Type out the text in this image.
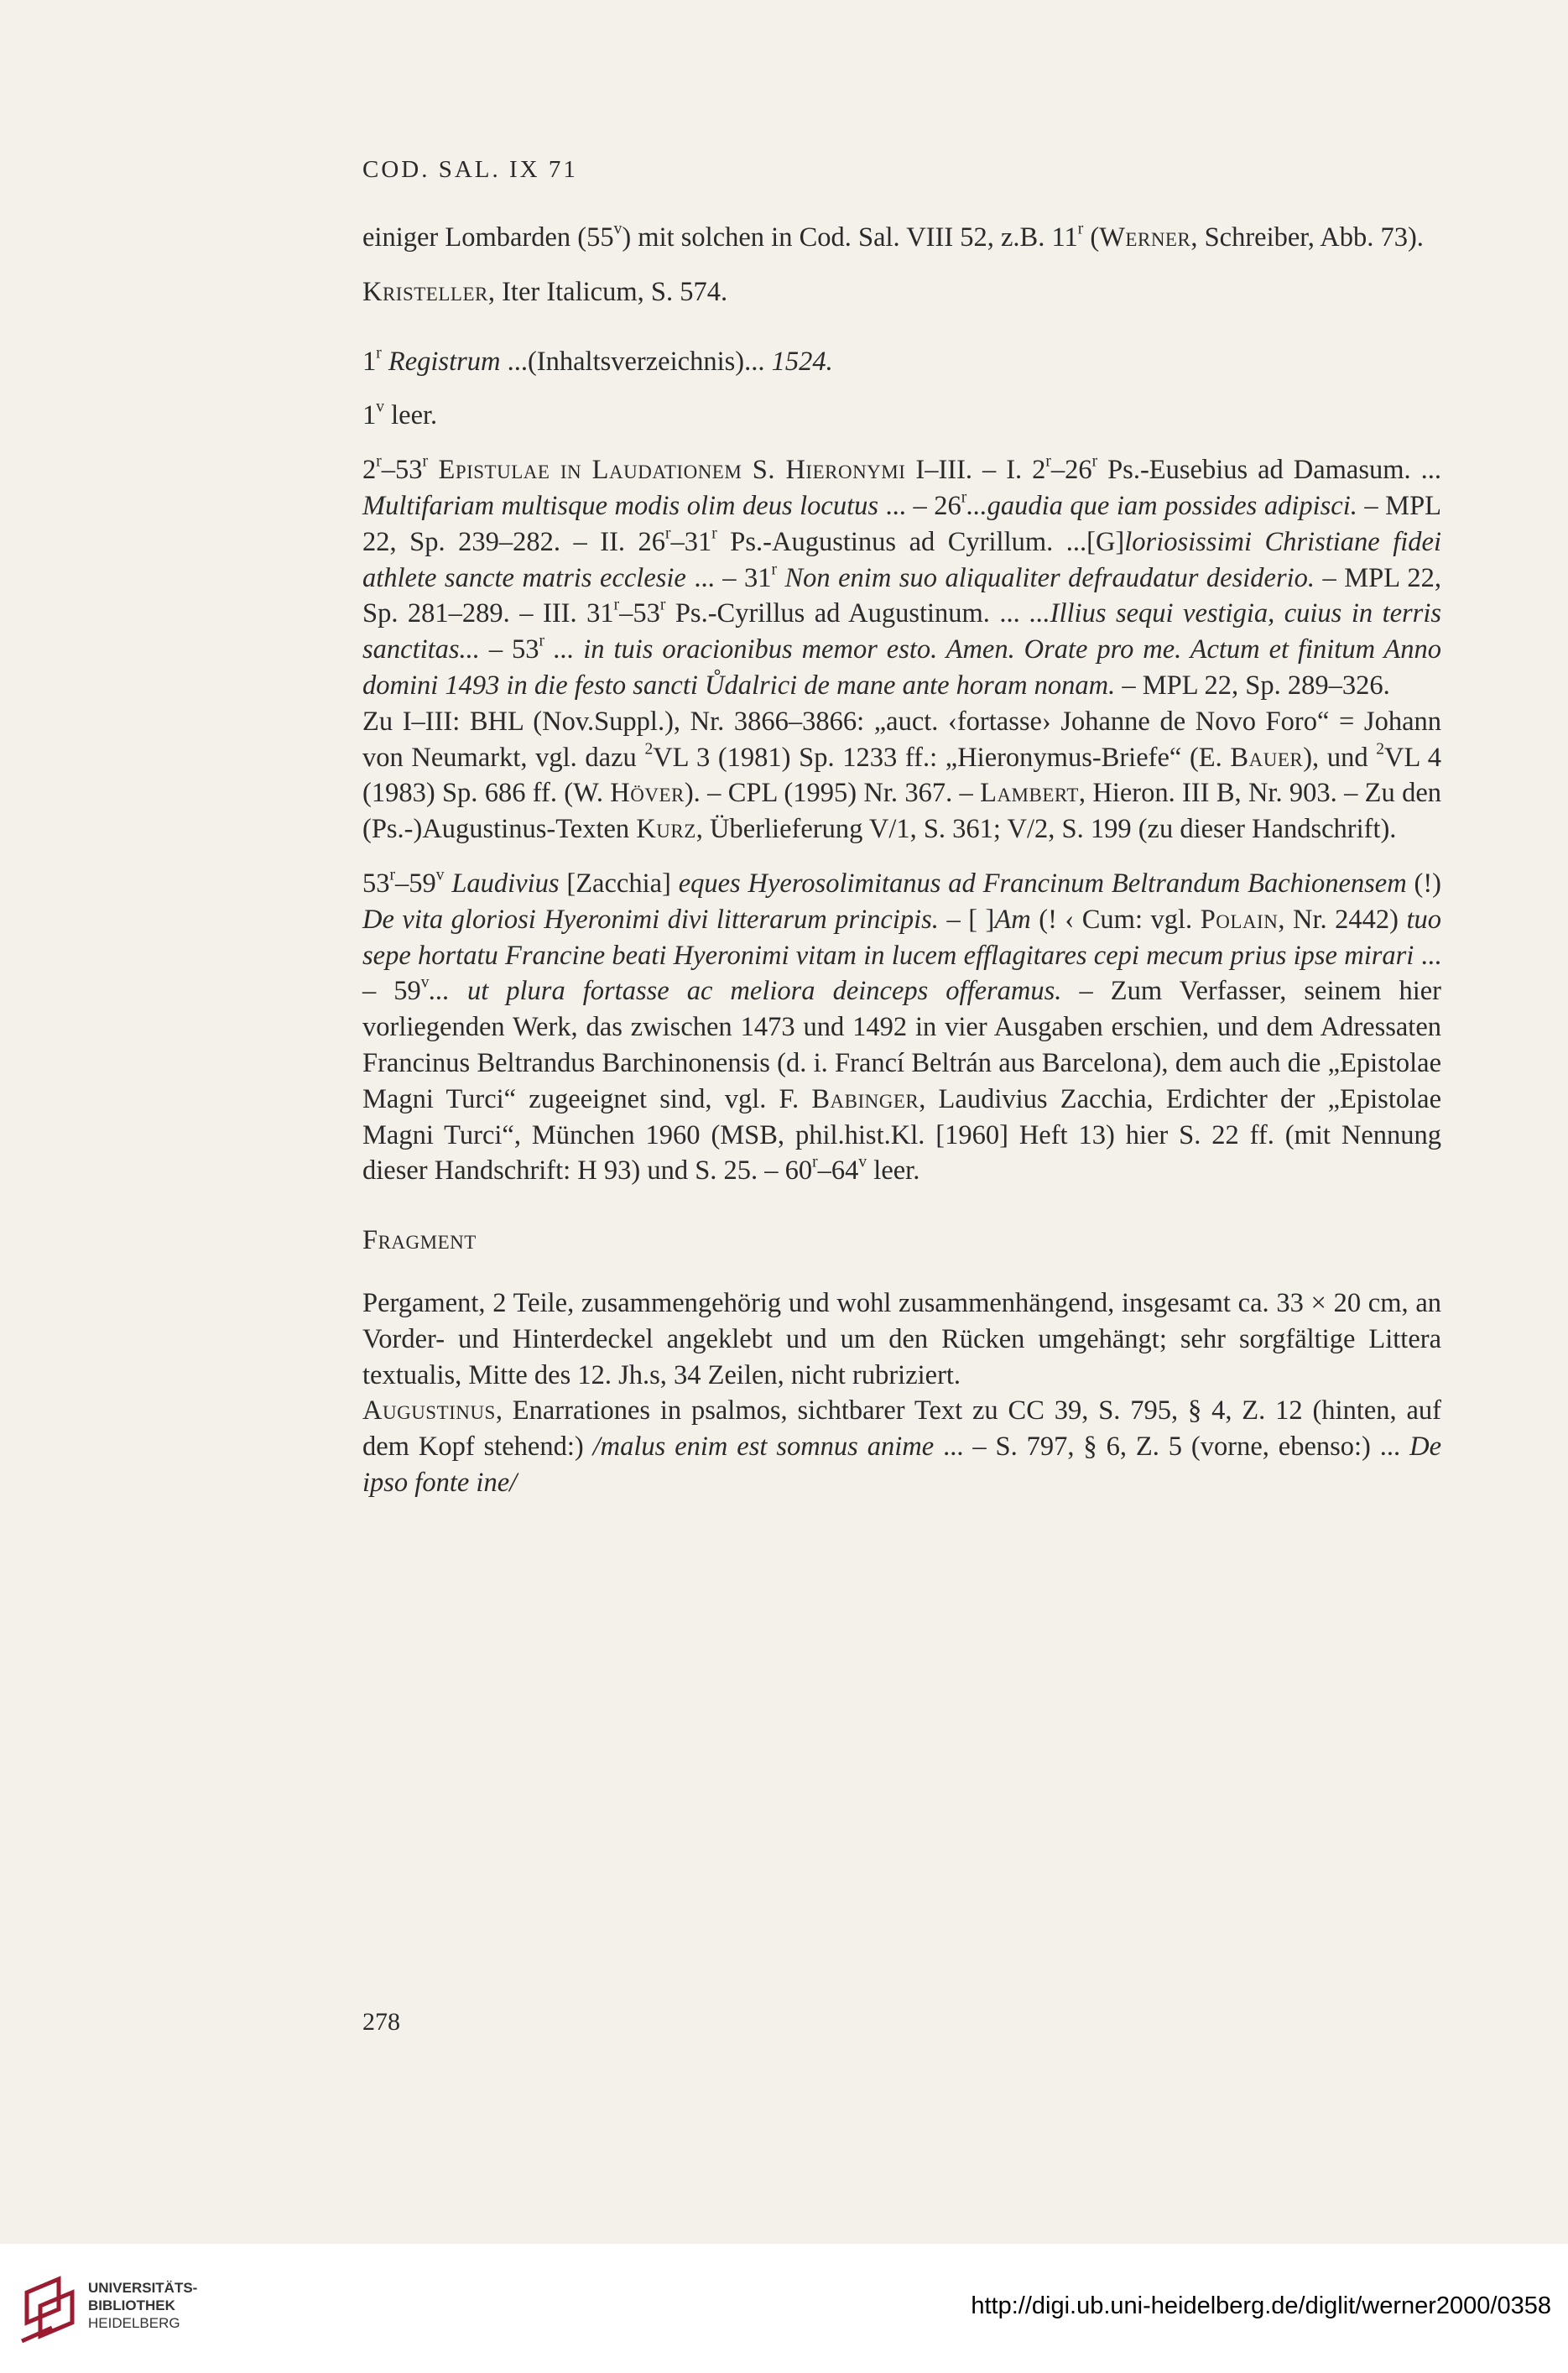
COD. SAL. IX 71

einiger Lombarden (55$^v$) mit solchen in Cod. Sal. VIII 52, z.B. 11$^r$ (Werner, Schreiber, Abb. 73).

Kristeller, Iter Italicum, S. 574.

1$^r$ Registrum ...(Inhaltsverzeichnis)... 1524.

1$^v$ leer.

2$^r$–53$^r$ Epistulae in Laudationem S. Hieronymi I–III. – I. 2$^r$–26$^r$ Ps.-Eusebius ad Damasum. ... Multifariam multisque modis olim deus locutus ... – 26$^r$...gaudia que iam possides adipisci. – MPL 22, Sp. 239–282. – II. 26$^r$–31$^r$ Ps.-Augustinus ad Cyrillum. ...[G]loriosissimi Christiane fidei athlete sancte matris ecclesie ... – 31$^r$ Non enim suo aliqualiter defraudatur desiderio. – MPL 22, Sp. 281–289. – III. 31$^r$–53$^r$ Ps.-Cyrillus ad Augustinum. ... ...Illius sequi vestigia, cuius in terris sanctitas... – 53$^r$ ... in tuis oracionibus memor esto. Amen. Orate pro me. Actum et finitum Anno domini 1493 in die festo sancti Ůdalrici de mane ante horam nonam. – MPL 22, Sp. 289–326.

Zu I–III: BHL (Nov.Suppl.), Nr. 3866–3866: „auct. ‹fortasse› Johanne de Novo Foro“ = Johann von Neumarkt, vgl. dazu $^2$VL 3 (1981) Sp. 1233 ff.: „Hieronymus-Briefe“ (E. Bauer), und $^2$VL 4 (1983) Sp. 686 ff. (W. Höver). – CPL (1995) Nr. 367. – Lambert, Hieron. III B, Nr. 903. – Zu den (Ps.-)Augustinus-Texten Kurz, Überlieferung V/1, S. 361; V/2, S. 199 (zu dieser Handschrift).

53$^r$–59$^v$ Laudivius [Zacchia] eques Hyerosolimitanus ad Francinum Beltrandum Bachionensem (!) De vita gloriosi Hyeronimi divi litterarum principis. – [ ]Am (! ‹ Cum: vgl. Polain, Nr. 2442) tuo sepe hortatu Francine beati Hyeronimi vitam in lucem efflagitares cepi mecum prius ipse mirari ... – 59$^v$... ut plura fortasse ac meliora deinceps offeramus. – Zum Verfasser, seinem hier vorliegenden Werk, das zwischen 1473 und 1492 in vier Ausgaben erschien, und dem Adressaten Francinus Beltrandus Barchinonensis (d. i. Francí Beltrán aus Barcelona), dem auch die „Epistolae Magni Turci“ zugeeignet sind, vgl. F. Babinger, Laudivius Zacchia, Erdichter der „Epistolae Magni Turci“, München 1960 (MSB, phil.hist.Kl. [1960] Heft 13) hier S. 22 ff. (mit Nennung dieser Handschrift: H 93) und S. 25. – 60$^r$–64$^v$ leer.

Fragment

Pergament, 2 Teile, zusammengehörig und wohl zusammenhängend, insgesamt ca. 33 × 20 cm, an Vorder- und Hinterdeckel angeklebt und um den Rücken umgehängt; sehr sorgfältige Littera textualis, Mitte des 12. Jh.s, 34 Zeilen, nicht rubriziert.

Augustinus, Enarrationes in psalmos, sichtbarer Text zu CC 39, S. 795, § 4, Z. 12 (hinten, auf dem Kopf stehend:) /malus enim est somnus anime ... – S. 797, § 6, Z. 5 (vorne, ebenso:) ... De ipso fonte ine/

278
UNIVERSITÄTS-
BIBLIOTHEK
HEIDELBERG
http://digi.ub.uni-heidelberg.de/diglit/werner2000/0358
